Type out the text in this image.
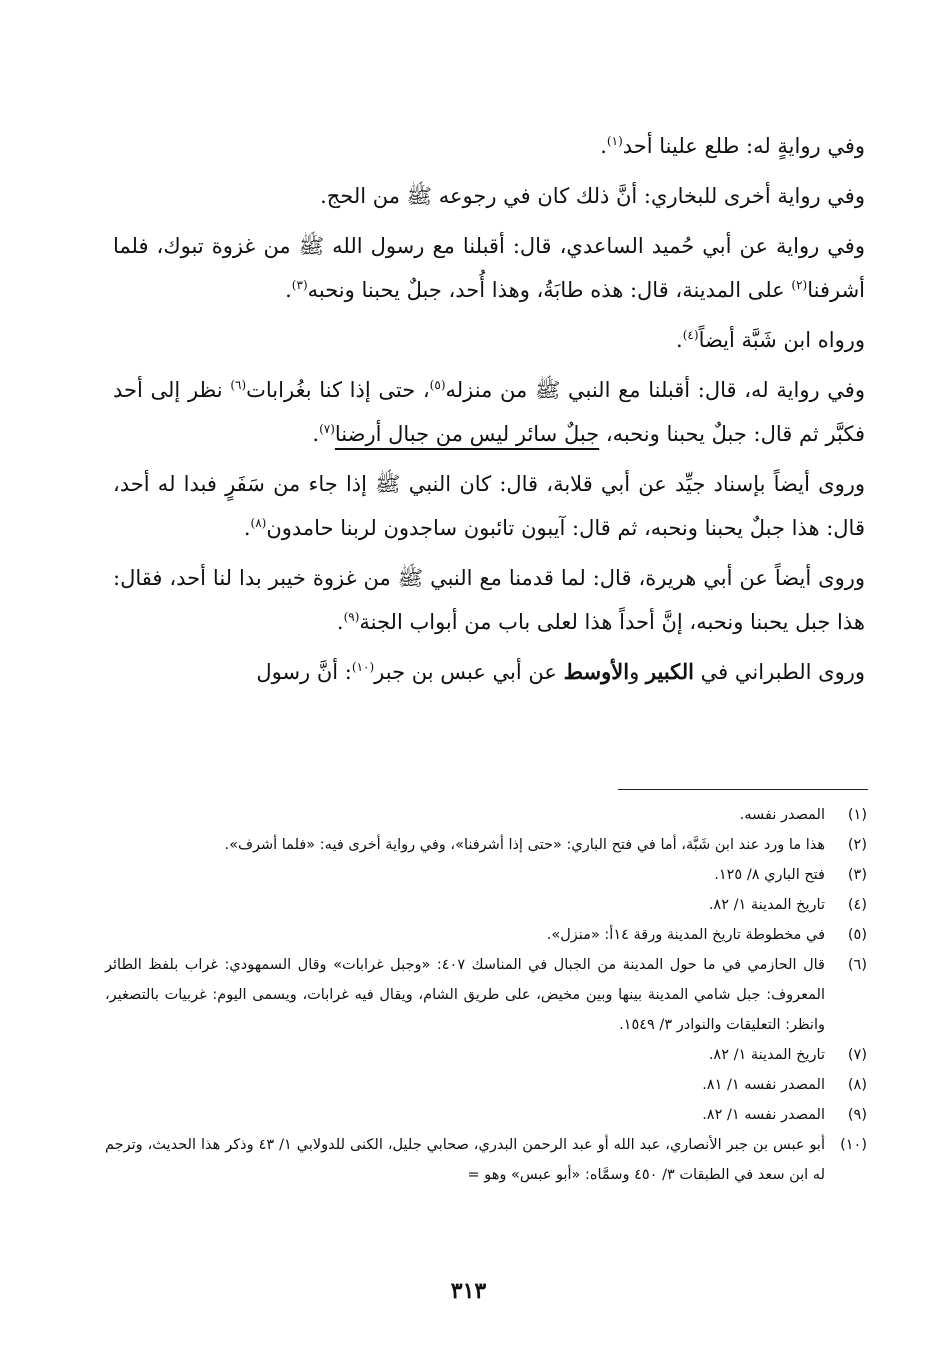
وفي روايةٍ له: طلع علينا أحد$^{(١)}$.

وفي رواية أخرى للبخاري: أنَّ ذلك كان في رجوعه ﷺ من الحج.

وفي رواية عن أبي حُميد الساعدي، قال: أقبلنا مع رسول الله ﷺ من غزوة تبوك، فلما أشرفنا$^{(٢)}$ على المدينة، قال: هذه طابَةُ، وهذا أُحد، جبلٌ يحبنا ونحبه$^{(٣)}$.

ورواه ابن شَبَّة أيضاً$^{(٤)}$.

وفي رواية له، قال: أقبلنا مع النبي ﷺ من منزله$^{(٥)}$، حتى إذا كنا بغُرابات$^{(٦)}$ نظر إلى أحد فكبَّر ثم قال: جبلٌ يحبنا ونحبه، جبلٌ سائر ليس من جبال أرضنا$^{(٧)}$.

وروى أيضاً بإسناد جيِّد عن أبي قلابة، قال: كان النبي ﷺ إذا جاء من سَفَرٍ فبدا له أحد، قال: هذا جبلٌ يحبنا ونحبه، ثم قال: آيبون تائبون ساجدون لربنا حامدون$^{(٨)}$.

وروى أيضاً عن أبي هريرة، قال: لما قدمنا مع النبي ﷺ من غزوة خيبر بدا لنا أحد، فقال: هذا جبل يحبنا ونحبه، إنَّ أحداً هذا لعلى باب من أبواب الجنة$^{(٩)}$.

وروى الطبراني في الكبير والأوسط عن أبي عبس بن جبر$^{(١٠)}$: أنَّ رسول

(١)
المصدر نفسه.
(٢)
هذا ما ورد عند ابن شَبَّة، أما في فتح الباري: «حتى إذا أشرفنا»، وفي رواية أخرى فيه: «فلما أشرف».
(٣)
فتح الباري ٨/ ١٢٥.
(٤)
تاريخ المدينة ١/ ٨٢.
(٥)
في مخطوطة تاريخ المدينة ورقة ١٤أ: «منزل».
(٦)
قال الحازمي في ما حول المدينة من الجبال في المناسك ٤٠٧: «وجبل غرابات» وقال السمهودي: غراب بلفظ الطائر المعروف: جبل شامي المدينة بينها وبين مخيض، على طريق الشام، ويقال فيه غرابات، ويسمى اليوم: غربيات بالتصغير، وانظر: التعليقات والنوادر ٣/ ١٥٤٩.
(٧)
تاريخ المدينة ١/ ٨٢.
(٨)
المصدر نفسه ١/ ٨١.
(٩)
المصدر نفسه ١/ ٨٢.
(١٠)
أبو عبس بن جبر الأنصاري، عبد الله أو عبد الرحمن البدري، صحابي جليل، الكنى للدولابي ١/ ٤٣ وذكر هذا الحديث، وترجم له ابن سعد في الطبقات ٣/ ٤٥٠ وسمَّاه: «أبو عبس» وهو =
٣١٣
